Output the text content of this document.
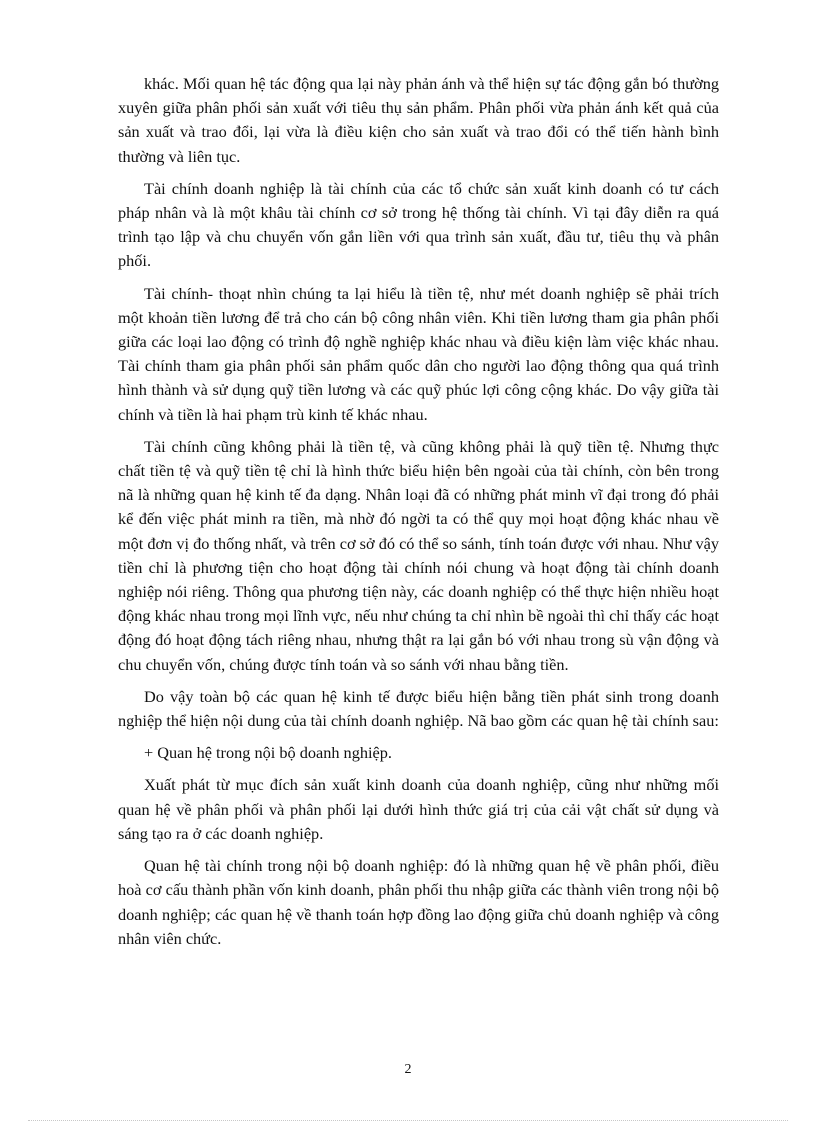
khác. Mối quan hệ tác động qua lại này phản ánh và thể hiện sự tác động gắn bó thường xuyên giữa phân phối sản xuất với tiêu thụ sản phẩm. Phân phối vừa phản ánh kết quả của sản xuất và trao đổi, lại vừa là điều kiện cho sản xuất và trao đổi có thể tiến hành bình thường và liên tục.

Tài chính doanh nghiệp là tài chính của các tổ chức sản xuất kinh doanh có tư cách pháp nhân và là một khâu tài chính cơ sở trong hệ thống tài chính. Vì tại đây diễn ra quá trình tạo lập và chu chuyển vốn gắn liền với qua trình sản xuất, đầu tư, tiêu thụ và phân phối.

Tài chính- thoạt nhìn chúng ta lại hiểu là tiền tệ, như mét doanh nghiệp sẽ phải trích một khoản tiền lương để trả cho cán bộ công nhân viên. Khi tiền lương tham gia phân phối giữa các loại lao động có trình độ nghề nghiệp khác nhau và điều kiện làm việc khác nhau. Tài chính tham gia phân phối sản phẩm quốc dân cho người lao động thông qua quá trình hình thành và sử dụng quỹ tiền lương và các quỹ phúc lợi công cộng khác. Do vậy giữa tài chính và tiền là hai phạm trù kinh tế khác nhau.

Tài chính cũng không phải là tiền tệ, và cũng không phải là quỹ tiền tệ. Nhưng thực chất tiền tệ và quỹ tiền tệ chỉ là hình thức biểu hiện bên ngoài của tài chính, còn bên trong nã là những quan hệ kinh tế đa dạng. Nhân loại đã có những phát minh vĩ đại trong đó phải kể đến việc phát minh ra tiền, mà nhờ đó ngời ta có thể quy mọi hoạt động khác nhau về một đơn vị đo thống nhất, và trên cơ sở đó có thể so sánh, tính toán được với nhau. Như vậy tiền chỉ là phương tiện cho hoạt động tài chính nói chung và hoạt động tài chính doanh nghiệp nói riêng. Thông qua phương tiện này, các doanh nghiệp có thể thực hiện nhiều hoạt động khác nhau trong mọi lĩnh vực, nếu như chúng ta chỉ nhìn bề ngoài thì chỉ thấy các hoạt động đó hoạt động tách riêng nhau, nhưng thật ra lại gắn bó với nhau trong sù vận động và chu chuyển vốn, chúng được tính toán và so sánh với nhau bằng tiền.

Do vậy toàn bộ các quan hệ kinh tế được biểu hiện bằng tiền phát sinh trong doanh nghiệp thể hiện nội dung của tài chính doanh nghiệp. Nã bao gồm các quan hệ tài chính sau:

+ Quan hệ trong nội bộ doanh nghiệp.

Xuất phát từ mục đích sản xuất kinh doanh của doanh nghiệp, cũng như những mối quan hệ về phân phối và phân phối lại dưới hình thức giá trị của cải vật chất sử dụng và sáng tạo ra ở các doanh nghiệp.

Quan hệ tài chính trong nội bộ doanh nghiệp: đó là những quan hệ về phân phối, điều hoà cơ cấu thành phần vốn kinh doanh, phân phối thu nhập giữa các thành viên trong nội bộ doanh nghiệp; các quan hệ về thanh toán hợp đồng lao động giữa chủ doanh nghiệp và công nhân viên chức.

2
